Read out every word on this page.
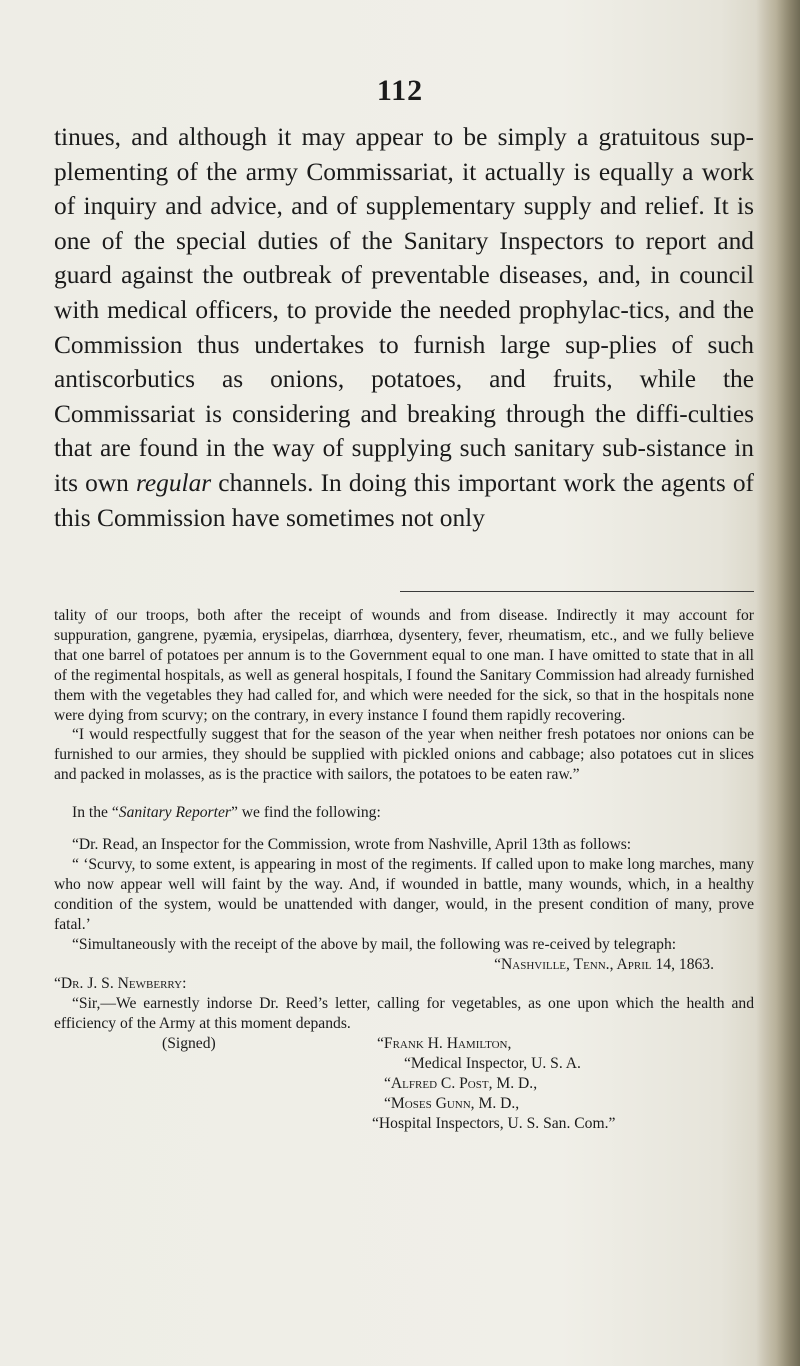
112

tinues, and although it may appear to be simply a gratuitous sup-plementing of the army Commissariat, it actually is equally a work of inquiry and advice, and of supplementary supply and relief. It is one of the special duties of the Sanitary Inspectors to report and guard against the outbreak of preventable diseases, and, in council with medical officers, to provide the needed prophylac-tics, and the Commission thus undertakes to furnish large sup-plies of such antiscorbutics as onions, potatoes, and fruits, while the Commissariat is considering and breaking through the diffi-culties that are found in the way of supplying such sanitary sub-sistance in its own regular channels. In doing this important work the agents of this Commission have sometimes not only

tality of our troops, both after the receipt of wounds and from disease. Indirectly it may account for suppuration, gangrene, pyæmia, erysipelas, diarrhœa, dysentery, fever, rheumatism, etc., and we fully believe that one barrel of potatoes per annum is to the Government equal to one man. I have omitted to state that in all of the regimental hospitals, as well as general hospitals, I found the Sanitary Commission had already furnished them with the vegetables they had called for, and which were needed for the sick, so that in the hospitals none were dying from scurvy; on the contrary, in every instance I found them rapidly recovering.

“I would respectfully suggest that for the season of the year when neither fresh potatoes nor onions can be furnished to our armies, they should be supplied with pickled onions and cabbage; also potatoes cut in slices and packed in molasses, as is the practice with sailors, the potatoes to be eaten raw.”

In the “Sanitary Reporter” we find the following:

“Dr. Read, an Inspector for the Commission, wrote from Nashville, April 13th as follows:

“ ‘Scurvy, to some extent, is appearing in most of the regiments. If called upon to make long marches, many who now appear well will faint by the way. And, if wounded in battle, many wounds, which, in a healthy condition of the system, would be unattended with danger, would, in the present condition of many, prove fatal.’

“Simultaneously with the receipt of the above by mail, the following was re-ceived by telegraph:

“Nashville, Tenn., April 14, 1863.

“Dr. J. S. Newberry:

“Sir,—We earnestly indorse Dr. Reed’s letter, calling for vegetables, as one upon which the health and efficiency of the Army at this moment depands.

(Signed)	“Frank H. Hamilton,

“Medical Inspector, U. S. A.

“Alfred C. Post, M. D.,

“Moses Gunn, M. D.,

“Hospital Inspectors, U. S. San. Com.”
